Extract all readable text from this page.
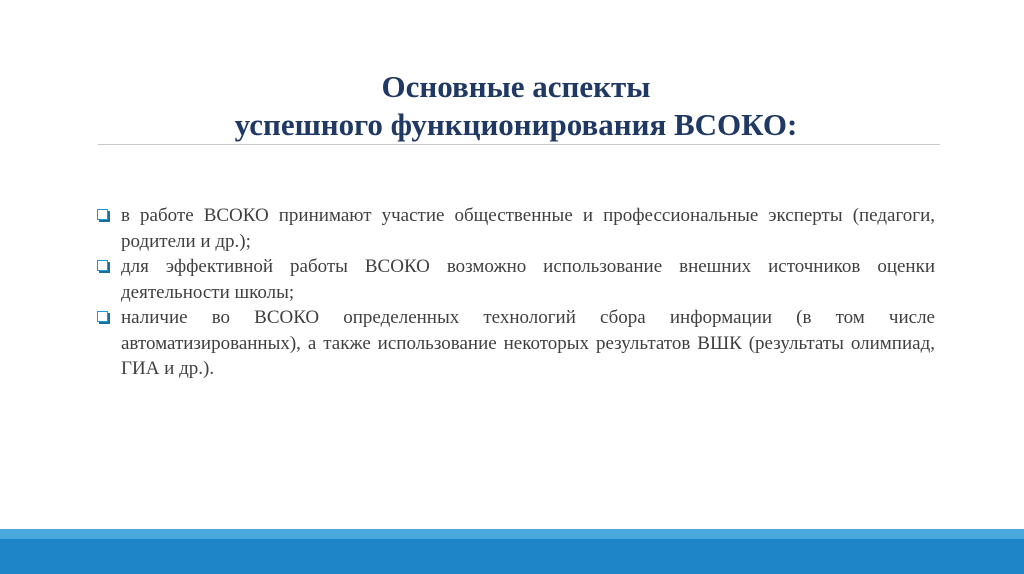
Основные аспекты
успешного функционирования ВСОКО:
в работе ВСОКО принимают участие общественные и профессиональные эксперты (педагоги, родители и др.);
для эффективной работы ВСОКО возможно использование внешних источников оценки деятельности школы;
наличие во ВСОКО определенных технологий сбора информации (в том числе автоматизированных), а также использование некоторых результатов ВШК (результаты олимпиад, ГИА и др.).
